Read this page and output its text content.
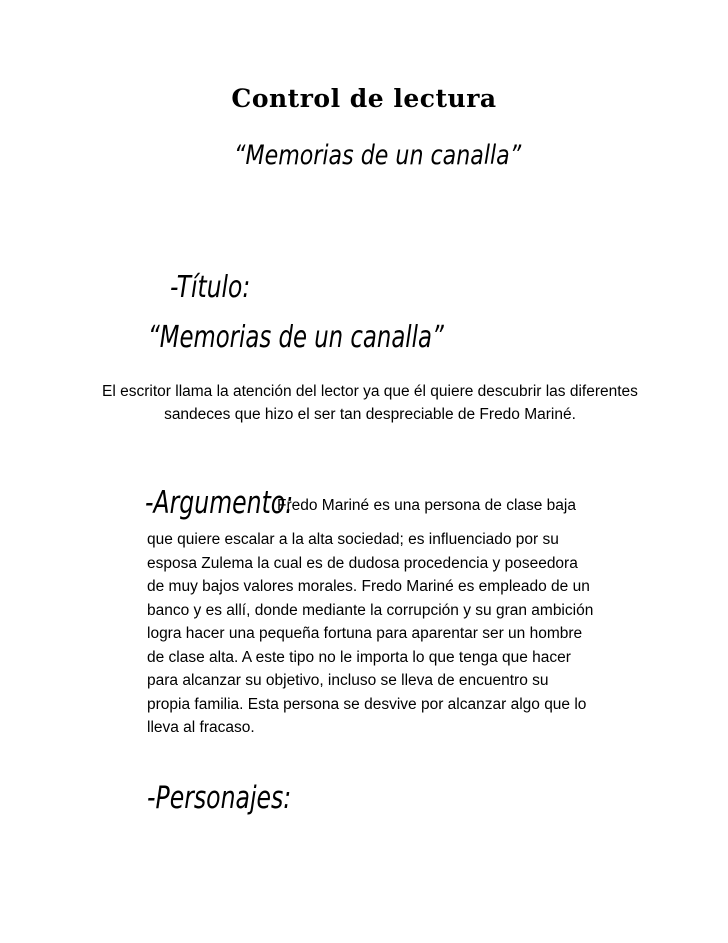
Control de lectura
“Memorias de un canalla”
-Título:
“Memorias de un canalla”
El escritor llama la atención del lector ya que él quiere descubrir las diferentes sandeces que hizo el ser tan despreciable de Fredo Mariné.
-Argumento:
Fredo Mariné es una persona de clase baja
que quiere escalar a la alta sociedad; es influenciado por su
esposa Zulema la cual es de dudosa procedencia y poseedora
de muy bajos valores morales. Fredo Mariné es empleado de un
banco y es allí, donde mediante la corrupción y su gran ambición
logra hacer una pequeña fortuna para aparentar ser un hombre
de clase alta. A este tipo no le importa lo que tenga que hacer
para alcanzar su objetivo, incluso se lleva de encuentro su
propia familia. Esta persona se desvive por alcanzar algo que lo
lleva al fracaso.
-Personajes:
